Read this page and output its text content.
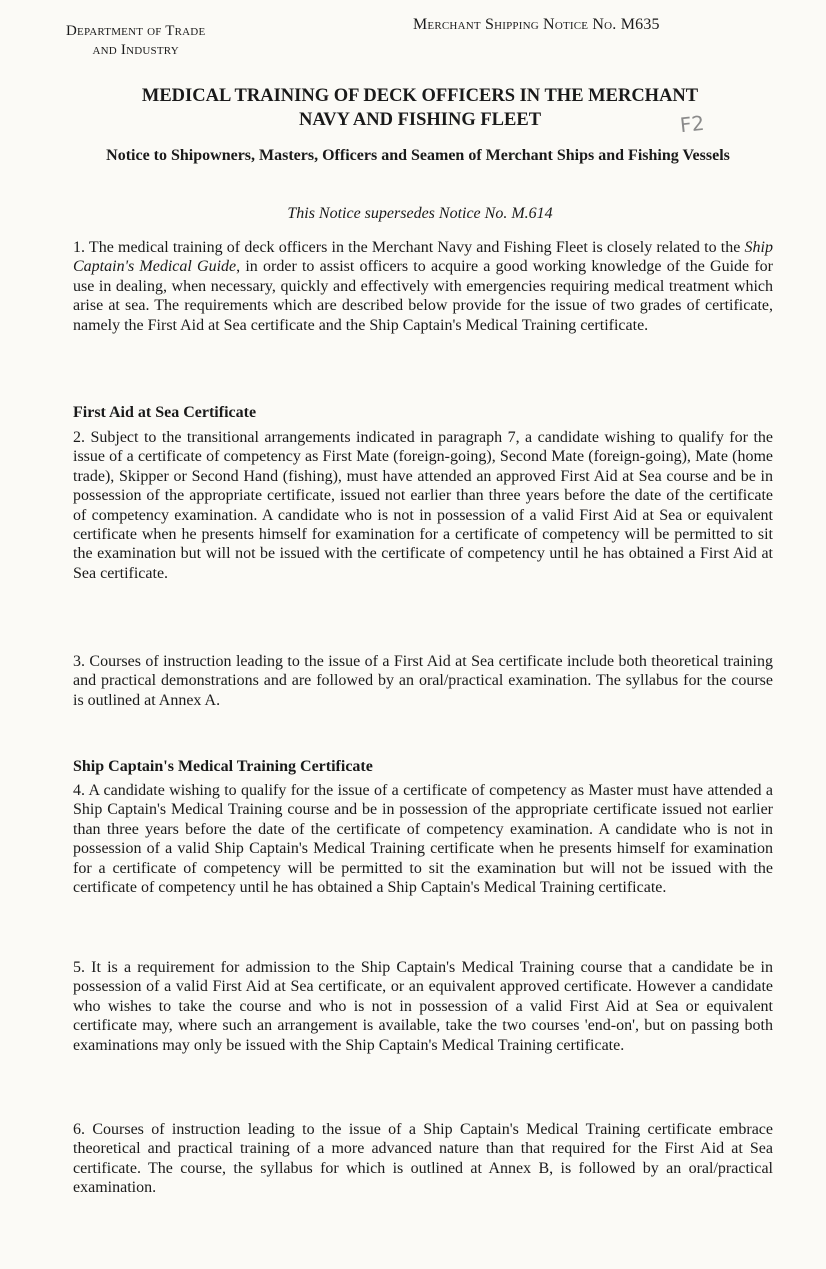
Department of Trade
and Industry
Merchant Shipping Notice No. M635
MEDICAL TRAINING OF DECK OFFICERS IN THE MERCHANT
NAVY AND FISHING FLEET	F2
Notice to Shipowners, Masters, Officers and Seamen of Merchant Ships and Fishing Vessels
This Notice supersedes Notice No. M.614
1. The medical training of deck officers in the Merchant Navy and Fishing Fleet is closely related to the Ship Captain's Medical Guide, in order to assist officers to acquire a good working knowledge of the Guide for use in dealing, when necessary, quickly and effectively with emergencies requiring medical treatment which arise at sea. The requirements which are described below provide for the issue of two grades of certificate, namely the First Aid at Sea certificate and the Ship Captain's Medical Training certificate.
First Aid at Sea Certificate
2. Subject to the transitional arrangements indicated in paragraph 7, a candidate wishing to qualify for the issue of a certificate of competency as First Mate (foreign-going), Second Mate (foreign-going), Mate (home trade), Skipper or Second Hand (fishing), must have attended an approved First Aid at Sea course and be in possession of the appropriate certificate, issued not earlier than three years before the date of the certificate of competency examination. A candidate who is not in possession of a valid First Aid at Sea or equivalent certificate when he presents himself for examination for a certificate of competency will be permitted to sit the examination but will not be issued with the certificate of competency until he has obtained a First Aid at Sea certificate.
3. Courses of instruction leading to the issue of a First Aid at Sea certificate include both theoretical training and practical demonstrations and are followed by an oral/practical examination. The syllabus for the course is outlined at Annex A.
Ship Captain's Medical Training Certificate
4. A candidate wishing to qualify for the issue of a certificate of competency as Master must have attended a Ship Captain's Medical Training course and be in possession of the appropriate certificate issued not earlier than three years before the date of the certificate of competency examination. A candidate who is not in possession of a valid Ship Captain's Medical Training certificate when he presents himself for examination for a certificate of competency will be permitted to sit the examination but will not be issued with the certificate of competency until he has obtained a Ship Captain's Medical Training certificate.
5. It is a requirement for admission to the Ship Captain's Medical Training course that a candidate be in possession of a valid First Aid at Sea certificate, or an equivalent approved certificate. However a candidate who wishes to take the course and who is not in possession of a valid First Aid at Sea or equivalent certificate may, where such an arrangement is available, take the two courses 'end-on', but on passing both examinations may only be issued with the Ship Captain's Medical Training certificate.
6. Courses of instruction leading to the issue of a Ship Captain's Medical Training certificate embrace theoretical and practical training of a more advanced nature than that required for the First Aid at Sea certificate. The course, the syllabus for which is outlined at Annex B, is followed by an oral/practical examination.
